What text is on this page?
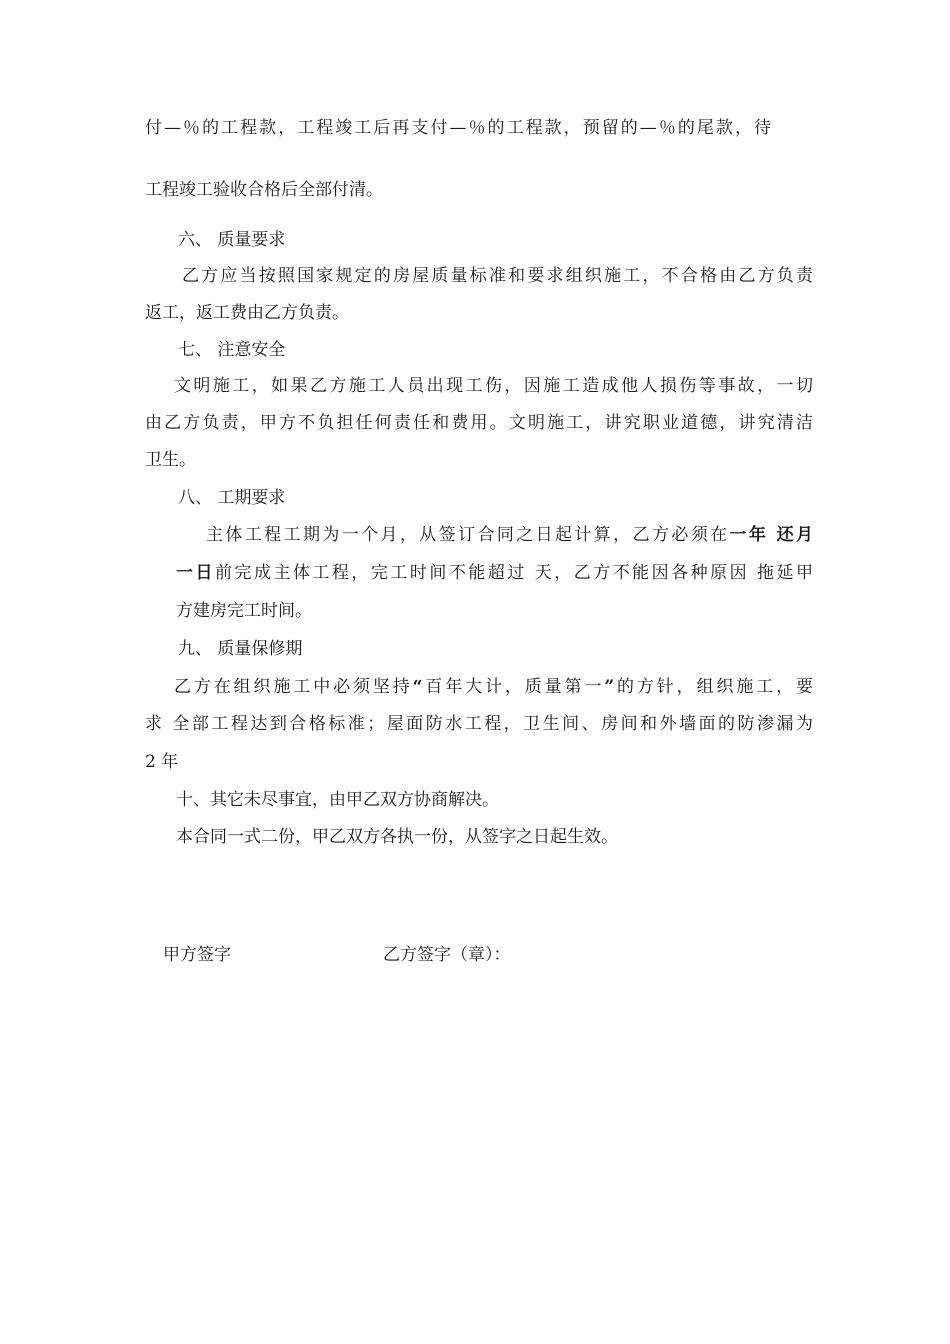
付—％的工程款，工程竣工后再支付—％的工程款，预留的—％的尾款，待
工程竣工验收合格后全部付清。
六、 质量要求
乙方应当按照国家规定的房屋质量标准和要求组织施工，不合格由乙方负责
返工，返工费由乙方负责。
七、 注意安全
文明施工，如果乙方施工人员出现工伤，因施工造成他人损伤等事故，一切
由乙方负责，甲方不负担任何责任和费用。文明施工，讲究职业道德，讲究清洁
卫生。
八、 工期要求
主体工程工期为一个月，从签订合同之日起计算，乙方必须在一年 还月
一日前完成主体工程，完工时间不能超过 天，乙方不能因各种原因 拖延甲
方建房完工时间。
九、 质量保修期
乙方在组织施工中必须坚持“百年大计，质量第一”的方针，组织施工，要
求 全部工程达到合格标准；屋面防水工程，卫生间、房间和外墙面的防渗漏为
2 年
十、其它未尽事宜，由甲乙双方协商解决。
本合同一式二份，甲乙双方各执一份，从签字之日起生效。
甲方签字	乙方签字（章）：
